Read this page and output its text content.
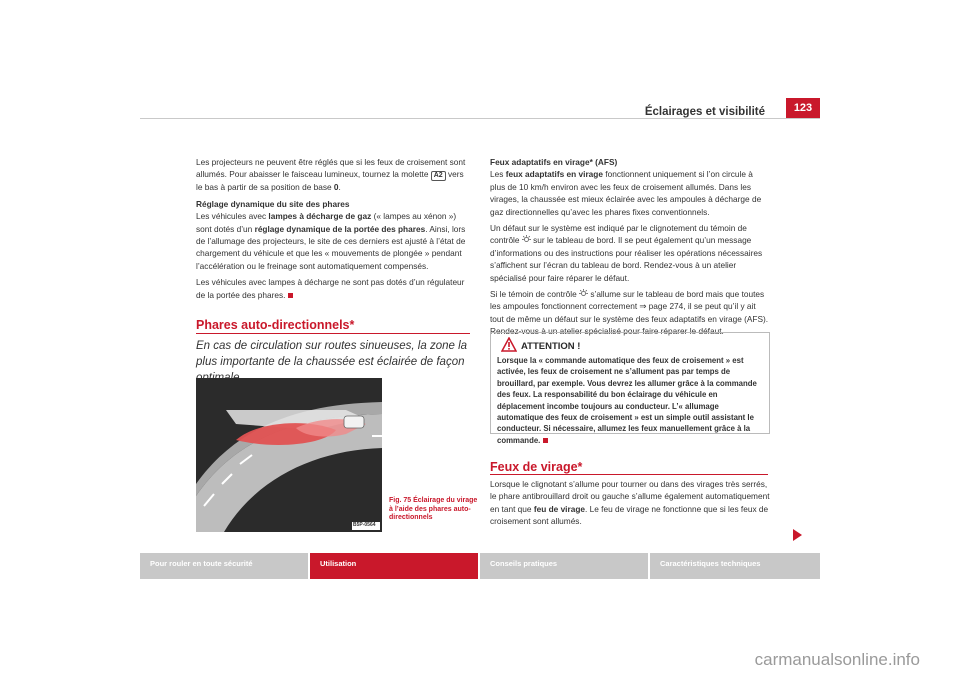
Éclairages et visibilité	123

Les projecteurs ne peuvent être réglés que si les feux de croisement sont allumés. Pour abaisser le faisceau lumineux, tournez la molette A2 vers le bas à partir de sa position de base 0.

Réglage dynamique du site des phares

Les véhicules avec lampes à décharge de gaz (« lampes au xénon ») sont dotés d’un réglage dynamique de la portée des phares. Ainsi, lors de l’allumage des projecteurs, le site de ces derniers est ajusté à l’état de chargement du véhicule et que les « mouvements de plongée » pendant l’accélération ou le freinage sont automatiquement compensés.

Les véhicules avec lampes à décharge ne sont pas dotés d’un régulateur de la portée des phares.

Phares auto-directionnels*
En cas de circulation sur routes sinueuses, la zone la plus importante de la chaussée est éclairée de façon
B5P-0564
Fig. 75 Éclairage du virage à l’aide des phares auto-directionnels

Feux adaptatifs en virage* (AFS)

Les feux adaptatifs en virage fonctionnent uniquement si l’on circule à plus de 10 km/h environ avec les feux de croisement allumés. Dans les virages, la chaussée est mieux éclairée avec les ampoules à décharge de gaz directionnelles qu’avec les phares fixes conventionnels.

Un défaut sur le système est indiqué par le clignotement du témoin de contrôle  sur le tableau de bord. Il se peut également qu’un message d’informations ou des instructions pour réaliser les opérations nécessaires s’affichent sur l’écran du tableau de bord. Rendez-vous à un atelier spécialisé pour faire réparer le défaut.

Si le témoin de contrôle  s’allume sur le tableau de bord mais que toutes les ampoules fonctionnent correctement ⇒ page 274, il se peut qu’il y ait tout de même un défaut sur le système des feux adaptatifs en virage (AFS). Rendez-vous à un atelier spécialisé pour faire réparer le défaut.

ATTENTION !
Lorsque la « commande automatique des feux de croisement » est activée, les feux de croisement ne s’allument pas par temps de brouillard, par exemple. Vous devrez les allumer grâce à la commande des feux. La responsabilité du bon éclairage du véhicule en déplacement incombe toujours au conducteur. L’« allumage automatique des feux de croisement » est un simple outil assistant le conducteur. Si nécessaire, allumez les feux manuellement grâce à la commande.
Feux de virage*

Lorsque le clignotant s’allume pour tourner ou dans des virages très serrés, le phare antibrouillard droit ou gauche s’allume également automatiquement en tant que feu de virage. Le feu de virage ne fonctionne que si les feux de croisement sont allumés.

Pour rouler en toute sécurité	Utilisation	Conseils pratiques	Caractéristiques techniques
carmanualsonline.info
